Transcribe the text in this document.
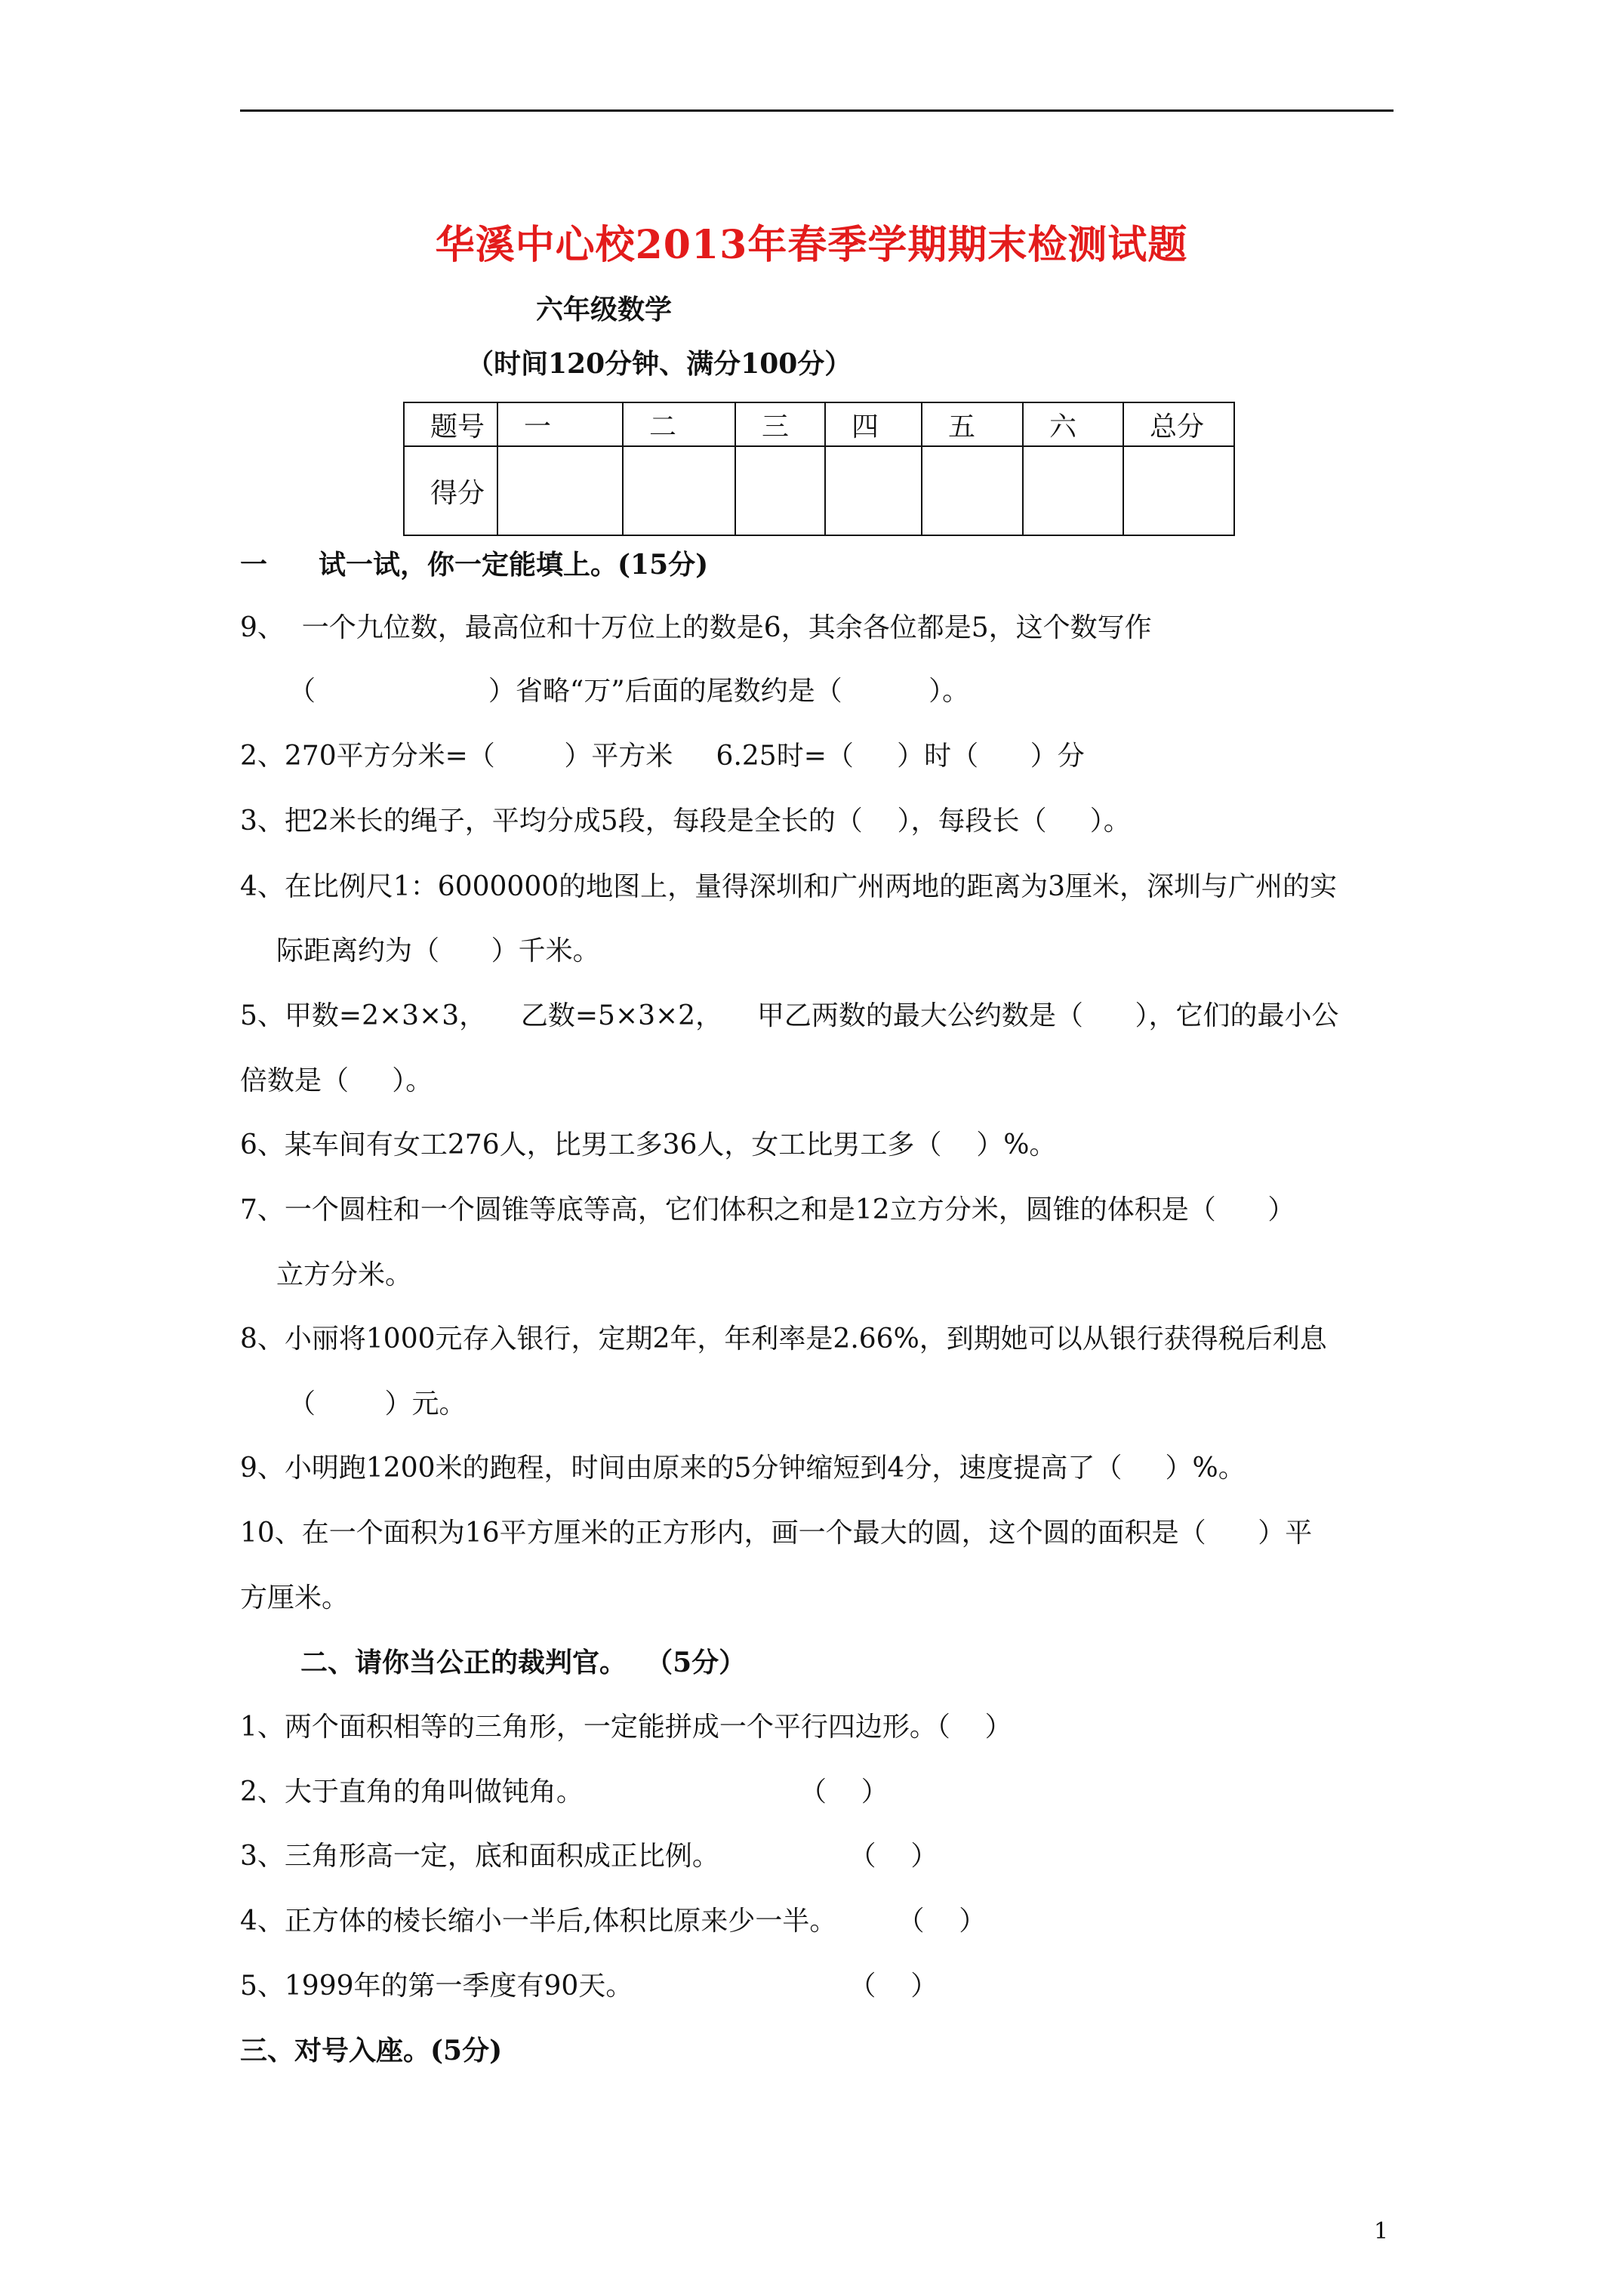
华溪中心校2013年春季学期期末检测试题
六年级数学
（时间120分钟、满分100分）
题号	一	二	三	四	五	六	总分
得分							
一 试一试，你一定能填上。(15分)
9、  一个九位数，最高位和十万位上的数是6，其余各位都是5，这个数写作
（                    ）省略“万”后面的尾数约是（          ）。
2、270平方分米=（        ）平方米     6.25时=（     ）时（      ）分
3、把2米长的绳子，平均分成5段，每段是全长的（    ），每段长（     ）。
4、在比例尺1：6000000的地图上，量得深圳和广州两地的距离为3厘米，深圳与广州的实
际距离约为（      ）千米。
5、甲数=2×3×3，    乙数=5×3×2，    甲乙两数的最大公约数是（      ），它们的最小公
倍数是（     ）。
6、某车间有女工276人，比男工多36人，女工比男工多（    ）%。
7、一个圆柱和一个圆锥等底等高，它们体积之和是12立方分米，圆锥的体积是（      ）
立方分米。
8、小丽将1000元存入银行，定期2年，年利率是2.66%，到期她可以从银行获得税后利息
（        ）元。
9、小明跑1200米的跑程，时间由原来的5分钟缩短到4分，速度提高了（     ）%。
10、在一个面积为16平方厘米的正方形内，画一个最大的圆，这个圆的面积是（      ）平
方厘米。
二、请你当公正的裁判官。  （5分）
1、两个面积相等的三角形，一定能拼成一个平行四边形。（    ）
2、大于直角的角叫做钝角。                         （    ）
3、三角形高一定，底和面积成正比例。               （    ）
4、正方体的棱长缩小一半后,体积比原来少一半。       （    ）
5、1999年的第一季度有90天。                         （    ）
三、对号入座。(5分)
1
